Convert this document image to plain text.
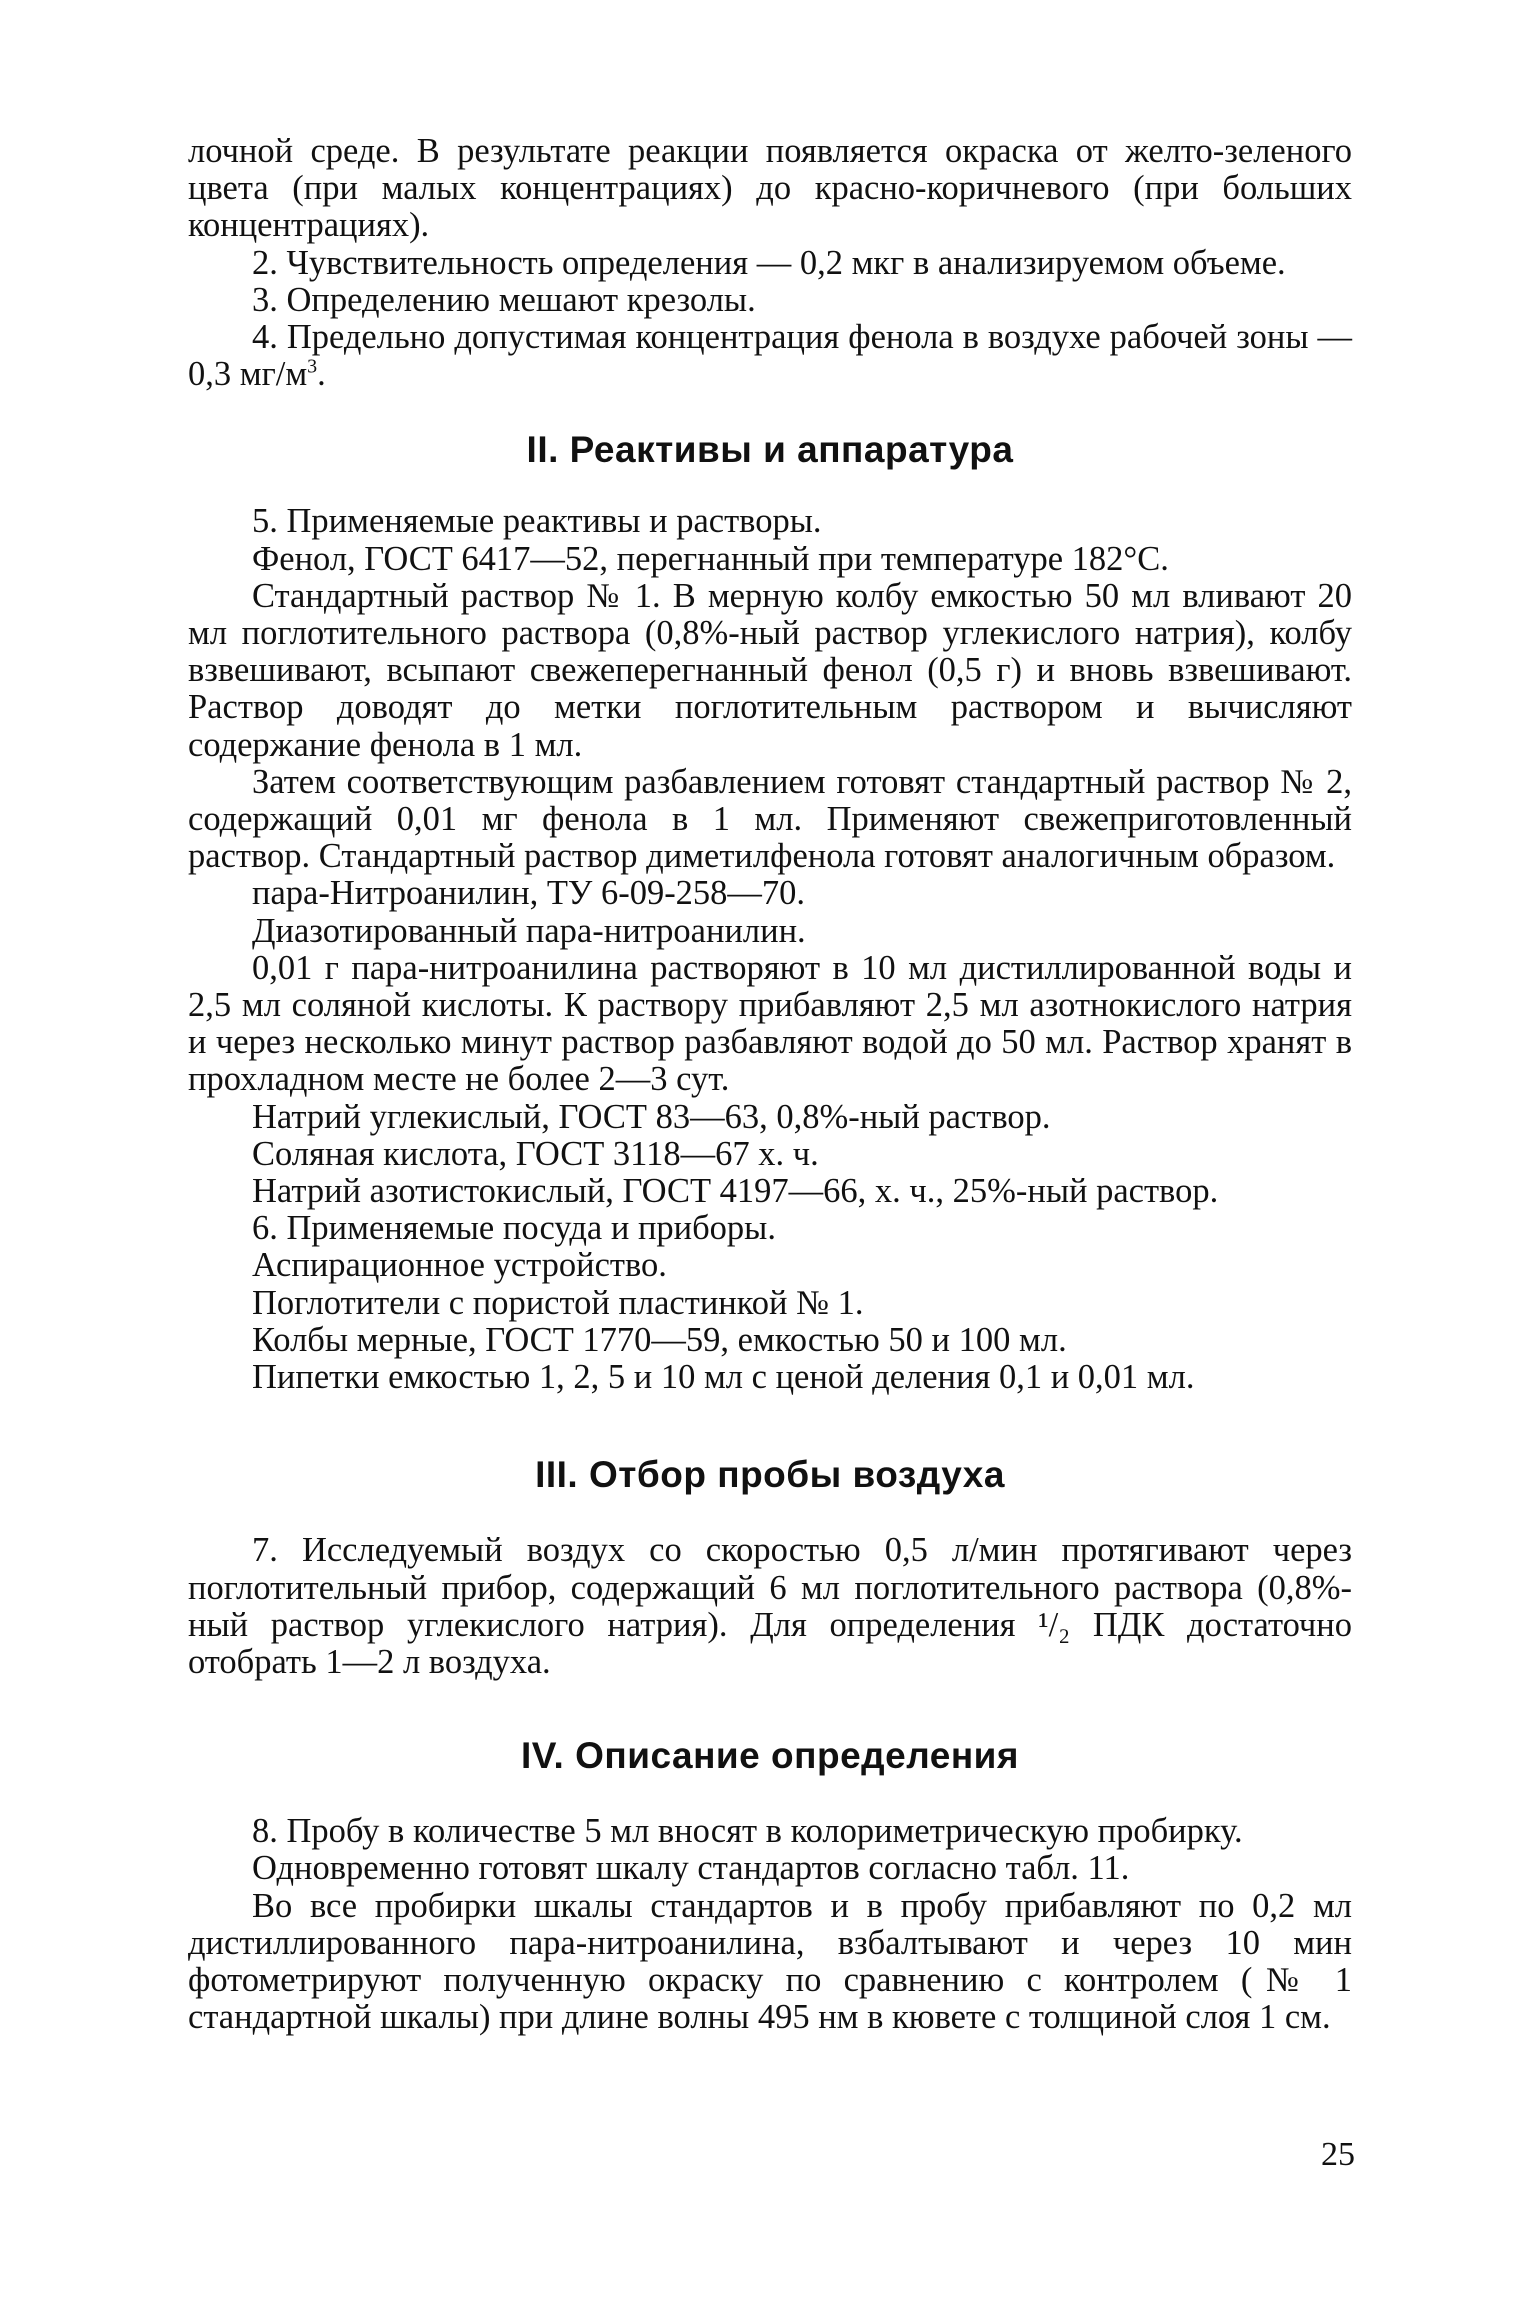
лочной среде. В результате реакции появляется окраска от желто-зеленого цвета (при малых концентрациях) до красно-коричневого (при больших концентрациях).

2. Чувствительность определения — 0,2 мкг в анализируемом объеме.

3. Определению мешают крезолы.

4. Предельно допустимая концентрация фенола в воздухе рабочей зоны — 0,3 $мг/м^3$.

II. Реактивы и аппаратура

5. Применяемые реактивы и растворы.

Фенол, ГОСТ 6417—52, перегнанный при температуре 182°С.

Стандартный раствор № 1. В мерную колбу емкостью 50 мл вливают 20 мл поглотительного раствора (0,8%-ный раствор углекислого натрия), колбу взвешивают, всыпают свежеперегнанный фенол (0,5 г) и вновь взвешивают. Раствор доводят до метки поглотительным раствором и вычисляют содержание фенола в 1 мл.

Затем соответствующим разбавлением готовят стандартный раствор № 2, содержащий 0,01 мг фенола в 1 мл. Применяют свежеприготовленный раствор. Стандартный раствор диметилфенола готовят аналогичным образом.

пара-Нитроанилин, ТУ 6-09-258—70.

Диазотированный пара-нитроанилин.

0,01 г пара-нитроанилина растворяют в 10 мл дистиллированной воды и 2,5 мл соляной кислоты. К раствору прибавляют 2,5 мл азотнокислого натрия и через несколько минут раствор разбавляют водой до 50 мл. Раствор хранят в прохладном месте не более 2—3 сут.

Натрий углекислый, ГОСТ 83—63, 0,8%-ный раствор.

Соляная кислота, ГОСТ 3118—67 х. ч.

Натрий азотистокислый, ГОСТ 4197—66, х. ч., 25%-ный раствор.

6. Применяемые посуда и приборы.

Аспирационное устройство.

Поглотители с пористой пластинкой № 1.

Колбы мерные, ГОСТ 1770—59, емкостью 50 и 100 мл.

Пипетки емкостью 1, 2, 5 и 10 мл с ценой деления 0,1 и 0,01 мл.

III. Отбор пробы воздуха

7. Исследуемый воздух со скоростью 0,5 л/мин протягивают через поглотительный прибор, содержащий 6 мл поглотительного раствора (0,8%-ный раствор углекислого натрия). Для определения ¹/₂ ПДК достаточно отобрать 1—2 л воздуха.

IV. Описание определения

8. Пробу в количестве 5 мл вносят в колориметрическую пробирку.

Одновременно готовят шкалу стандартов согласно табл. 11.

Во все пробирки шкалы стандартов и в пробу прибавляют по 0,2 мл дистиллированного пара-нитроанилина, взбалтывают и через 10 мин фотометрируют полученную окраску по сравнению с контролем (№ 1 стандартной шкалы) при длине волны 495 нм в кювете с толщиной слоя 1 см.

25
